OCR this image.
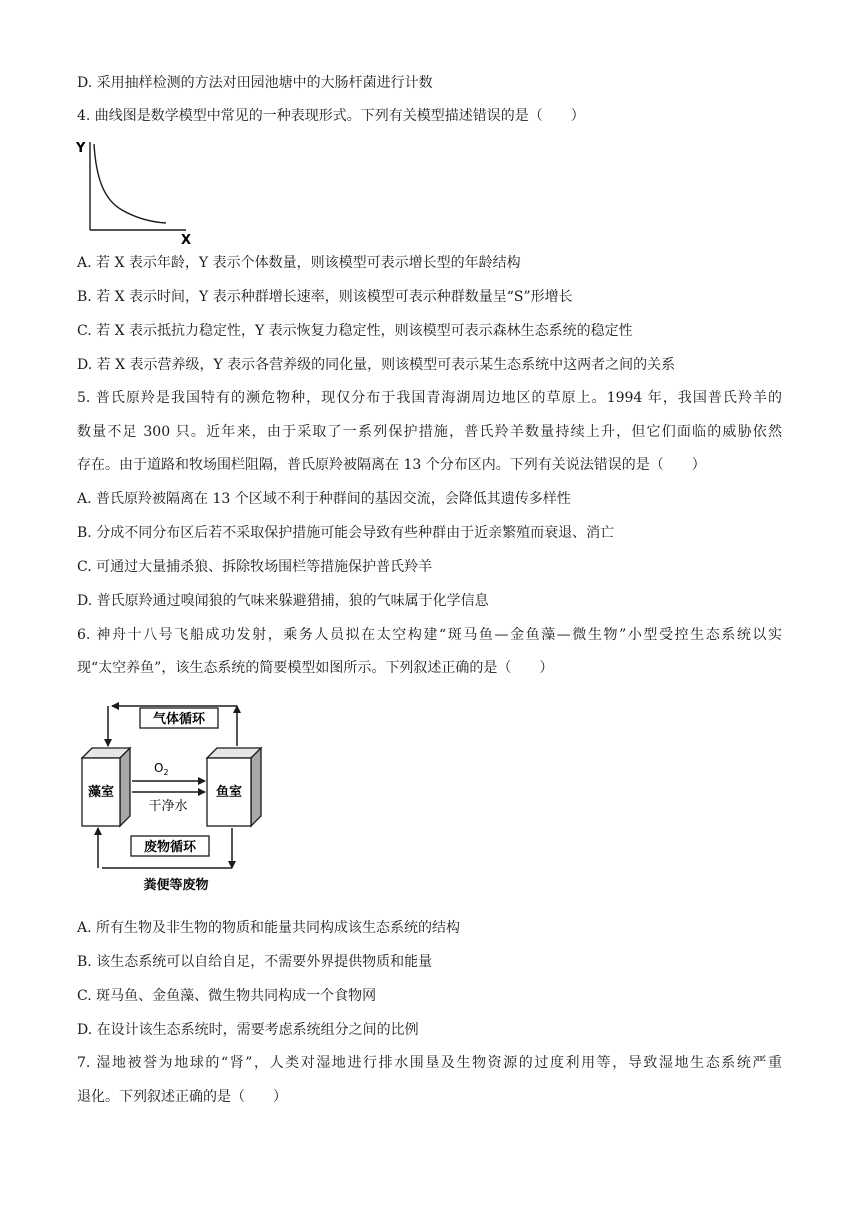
D. 采用抽样检测的方法对田园池塘中的大肠杆菌进行计数
4. 曲线图是数学模型中常见的一种表现形式。下列有关模型描述错误的是（　　）
Y
X
A. 若 X 表示年龄，Y 表示个体数量，则该模型可表示增长型的年龄结构
B. 若 X 表示时间，Y 表示种群增长速率，则该模型可表示种群数量呈“S”形增长
C. 若 X 表示抵抗力稳定性，Y 表示恢复力稳定性，则该模型可表示森林生态系统的稳定性
D. 若 X 表示营养级，Y 表示各营养级的同化量，则该模型可表示某生态系统中这两者之间的关系
5. 普氏原羚是我国特有的濒危物种，现仅分布于我国青海湖周边地区的草原上。1994 年，我国普氏羚羊的
数量不足 300 只。近年来，由于采取了一系列保护措施，普氏羚羊数量持续上升，但它们面临的威胁依然
存在。由于道路和牧场围栏阻隔，普氏原羚被隔离在 13 个分布区内。下列有关说法错误的是（　　）
A. 普氏原羚被隔离在 13 个区域不利于种群间的基因交流，会降低其遗传多样性
B. 分成不同分布区后若不采取保护措施可能会导致有些种群由于近亲繁殖而衰退、消亡
C. 可通过大量捕杀狼、拆除牧场围栏等措施保护普氏羚羊
D. 普氏原羚通过嗅闻狼的气味来躲避猎捕，狼的气味属于化学信息
6. 神舟十八号飞船成功发射，乘务人员拟在太空构建“斑马鱼—金鱼藻—微生物”小型受控生态系统以实
现“太空养鱼”，该生态系统的简要模型如图所示。下列叙述正确的是（　　）
气体循环
藻室	鱼室
$O_2$
干净水
废物循环
粪便等废物
A. 所有生物及非生物的物质和能量共同构成该生态系统的结构
B. 该生态系统可以自给自足，不需要外界提供物质和能量
C. 斑马鱼、金鱼藻、微生物共同构成一个食物网
D. 在设计该生态系统时，需要考虑系统组分之间的比例
7. 湿地被誉为地球的“肾”，人类对湿地进行排水围垦及生物资源的过度利用等，导致湿地生态系统严重
退化。下列叙述正确的是（　　）
